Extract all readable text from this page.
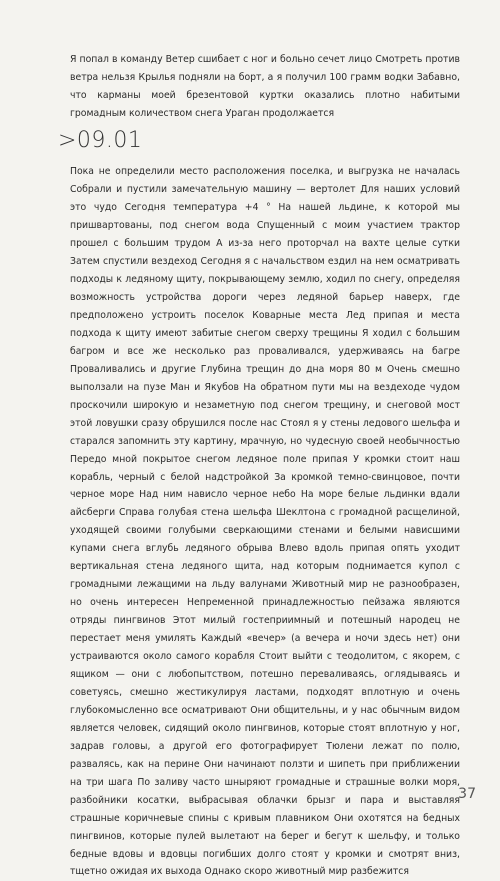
Я попал в команду Ветер сшибает с ног и больно сечет лицо Смотреть против ветра нельзя Крылья подняли на борт, а я получил 100 грамм водки Забавно, что карманы моей брезентовой куртки оказались плотно набитыми громадным количеством снега Ураган продолжается

>09.01

Пока не определили место расположения поселка, и выгрузка не началась Собрали и пустили замечательную машину — вертолет Для наших условий это чудо Сегодня температура +4 ° На нашей льдине, к которой мы пришвартованы, под снегом вода Спущенный с моим участием трактор прошел с большим трудом А из-за него проторчал на вахте целые сутки Затем спустили вездеход Сегодня я с начальством ездил на нем осматривать подходы к ледяному щиту, покрывающему землю, ходил по снегу, определяя возможность устройства дороги через ледяной барьер наверх, где предположено устроить поселок Коварные места Лед припая и места подхода к щиту имеют забитые снегом сверху трещины Я ходил с большим багром и все же несколько раз проваливался, удерживаясь на багре Проваливались и другие Глубина трещин до дна моря 80 м Очень смешно выползали на пузе Ман и Якубов На обратном пути мы на вездеходе чудом проскочили широкую и незаметную под снегом трещину, и снеговой мост этой ловушки сразу обрушился после нас Стоял я у стены ледового шельфа и старался запомнить эту картину, мрачную, но чудесную своей необычностью Передо мной покрытое снегом ледяное поле припая У кромки стоит наш корабль, черный с белой надстройкой За кромкой темно-свинцовое, почти черное море Над ним нависло черное небо На море белые льдинки вдали айсберги Справа голубая стена шельфа Шеклтона с громадной расщелиной, уходящей своими голубыми сверкающими стенами и белыми нависшими купами снега вглубь ледяного обрыва Влево вдоль припая опять уходит вертикальная стена ледяного щита, над которым поднимается купол с громадными лежащими на льду валунами Животный мир не разнообразен, но очень интересен Непременной принадлежностью пейзажа являются отряды пингвинов Этот милый гостеприимный и потешный народец не перестает меня умилять Каждый «вечер» (а вечера и ночи здесь нет) они устраиваются около самого корабля Стоит выйти с теодолитом, с якорем, с ящиком — они с любопытством, потешно переваливаясь, оглядываясь и советуясь, смешно жестикулируя ластами, подходят вплотную и очень глубокомысленно все осматривают Они общительны, и у нас обычным видом является человек, сидящий около пингвинов, которые стоят вплотную у ног, задрав головы, а другой его фотографирует Тюлени лежат по полю, развалясь, как на перине Они начинают ползти и шипеть при приближении на три шага По заливу часто шныряют громадные и страшные волки моря, разбойники косатки, выбрасывая облачки брызг и пара и выставляя страшные коричневые спины с кривым плавником Они охотятся на бедных пингвинов, которые пулей вылетают на берег и бегут к шельфу, и только бедные вдовы и вдовцы погибших долго стоят у кромки и смотрят вниз, тщетно ожидая их выхода Однако скоро животный мир разбежится

37
